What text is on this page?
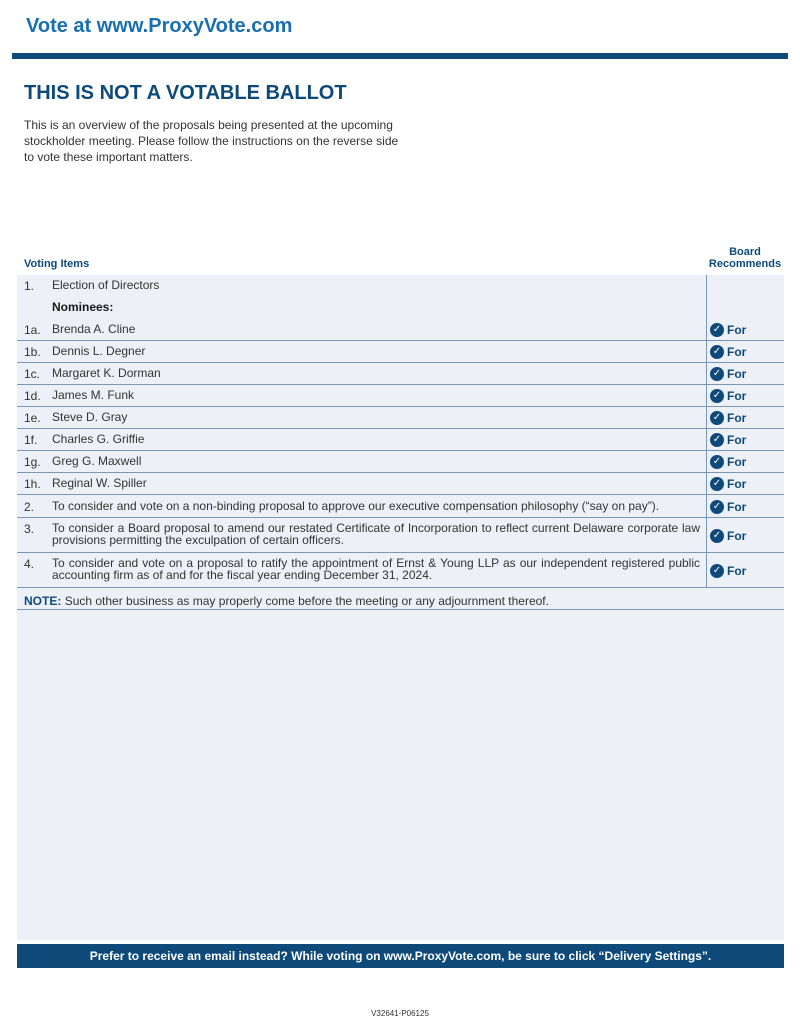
Vote at www.ProxyVote.com
THIS IS NOT A VOTABLE BALLOT
This is an overview of the proposals being presented at the upcoming stockholder meeting. Please follow the instructions on the reverse side to vote these important matters.
Voting Items
Board
Recommends
1. Election of Directors
Nominees:
1a. Brenda A. Cline	✓ For
1b. Dennis L. Degner	✓ For
1c. Margaret K. Dorman	✓ For
1d. James M. Funk	✓ For
1e. Steve D. Gray	✓ For
1f. Charles G. Griffie	✓ For
1g. Greg G. Maxwell	✓ For
1h. Reginal W. Spiller	✓ For
2. To consider and vote on a non-binding proposal to approve our executive compensation philosophy (“say on pay”).	✓ For
3. To consider a Board proposal to amend our restated Certificate of Incorporation to reflect current Delaware corporate law provisions permitting the exculpation of certain officers.	✓ For
4. To consider and vote on a proposal to ratify the appointment of Ernst & Young LLP as our independent registered public accounting firm as of and for the fiscal year ending December 31, 2024.	✓ For
NOTE: Such other business as may properly come before the meeting or any adjournment thereof.
Prefer to receive an email instead? While voting on www.ProxyVote.com, be sure to click “Delivery Settings”.
V32641-P06125
